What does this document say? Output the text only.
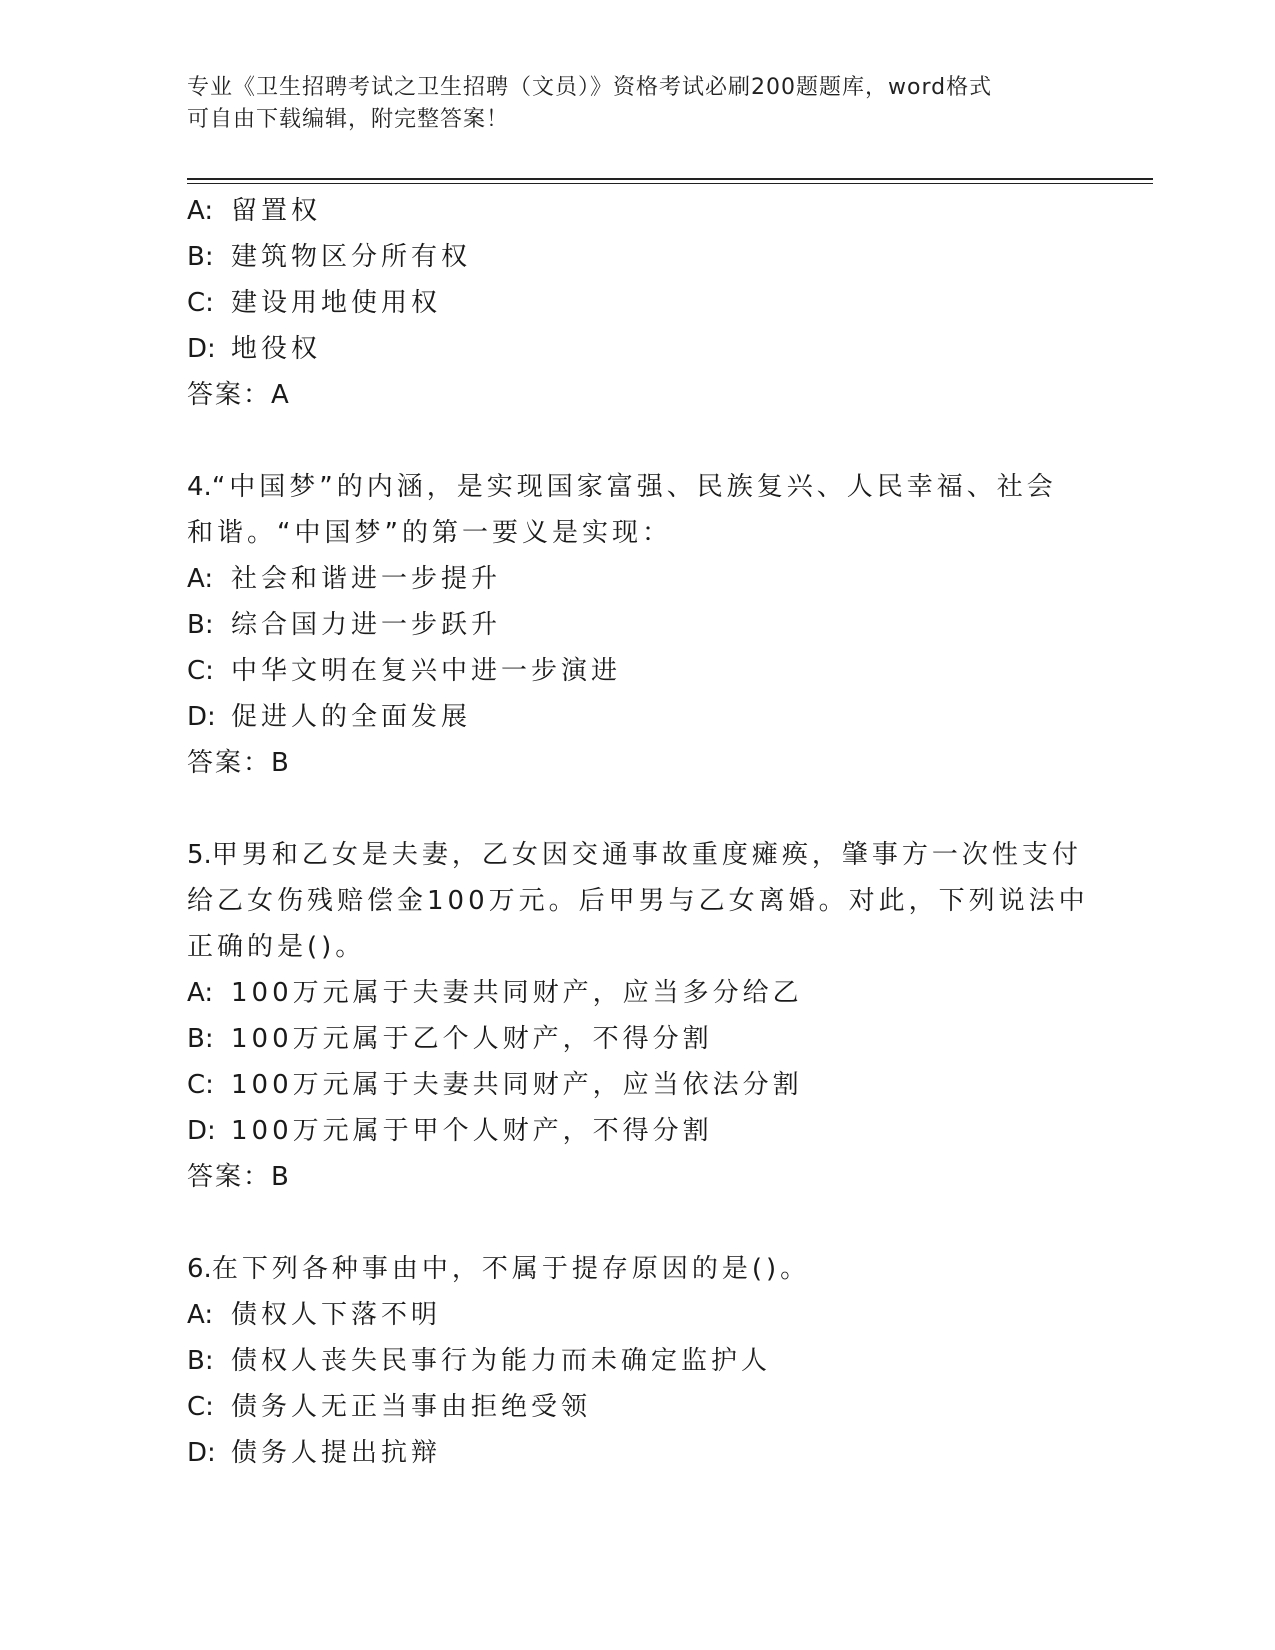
专业《卫生招聘考试之卫生招聘（文员）》资格考试必刷200题题库，word格式
可自由下载编辑，附完整答案！
A: 留置权
B: 建筑物区分所有权
C: 建设用地使用权
D: 地役权
答案：A
4.“中国梦”的内涵，是实现国家富强、民族复兴、人民幸福、社会
和谐。“中国梦”的第一要义是实现：
A: 社会和谐进一步提升
B: 综合国力进一步跃升
C: 中华文明在复兴中进一步演进
D: 促进人的全面发展
答案：B
5.甲男和乙女是夫妻，乙女因交通事故重度瘫痪，肇事方一次性支付
给乙女伤残赔偿金100万元。后甲男与乙女离婚。对此，下列说法中
正确的是()。
A: 100万元属于夫妻共同财产，应当多分给乙
B: 100万元属于乙个人财产，不得分割
C: 100万元属于夫妻共同财产，应当依法分割
D: 100万元属于甲个人财产，不得分割
答案：B
6.在下列各种事由中，不属于提存原因的是()。
A: 债权人下落不明
B: 债权人丧失民事行为能力而未确定监护人
C: 债务人无正当事由拒绝受领
D: 债务人提出抗辩
